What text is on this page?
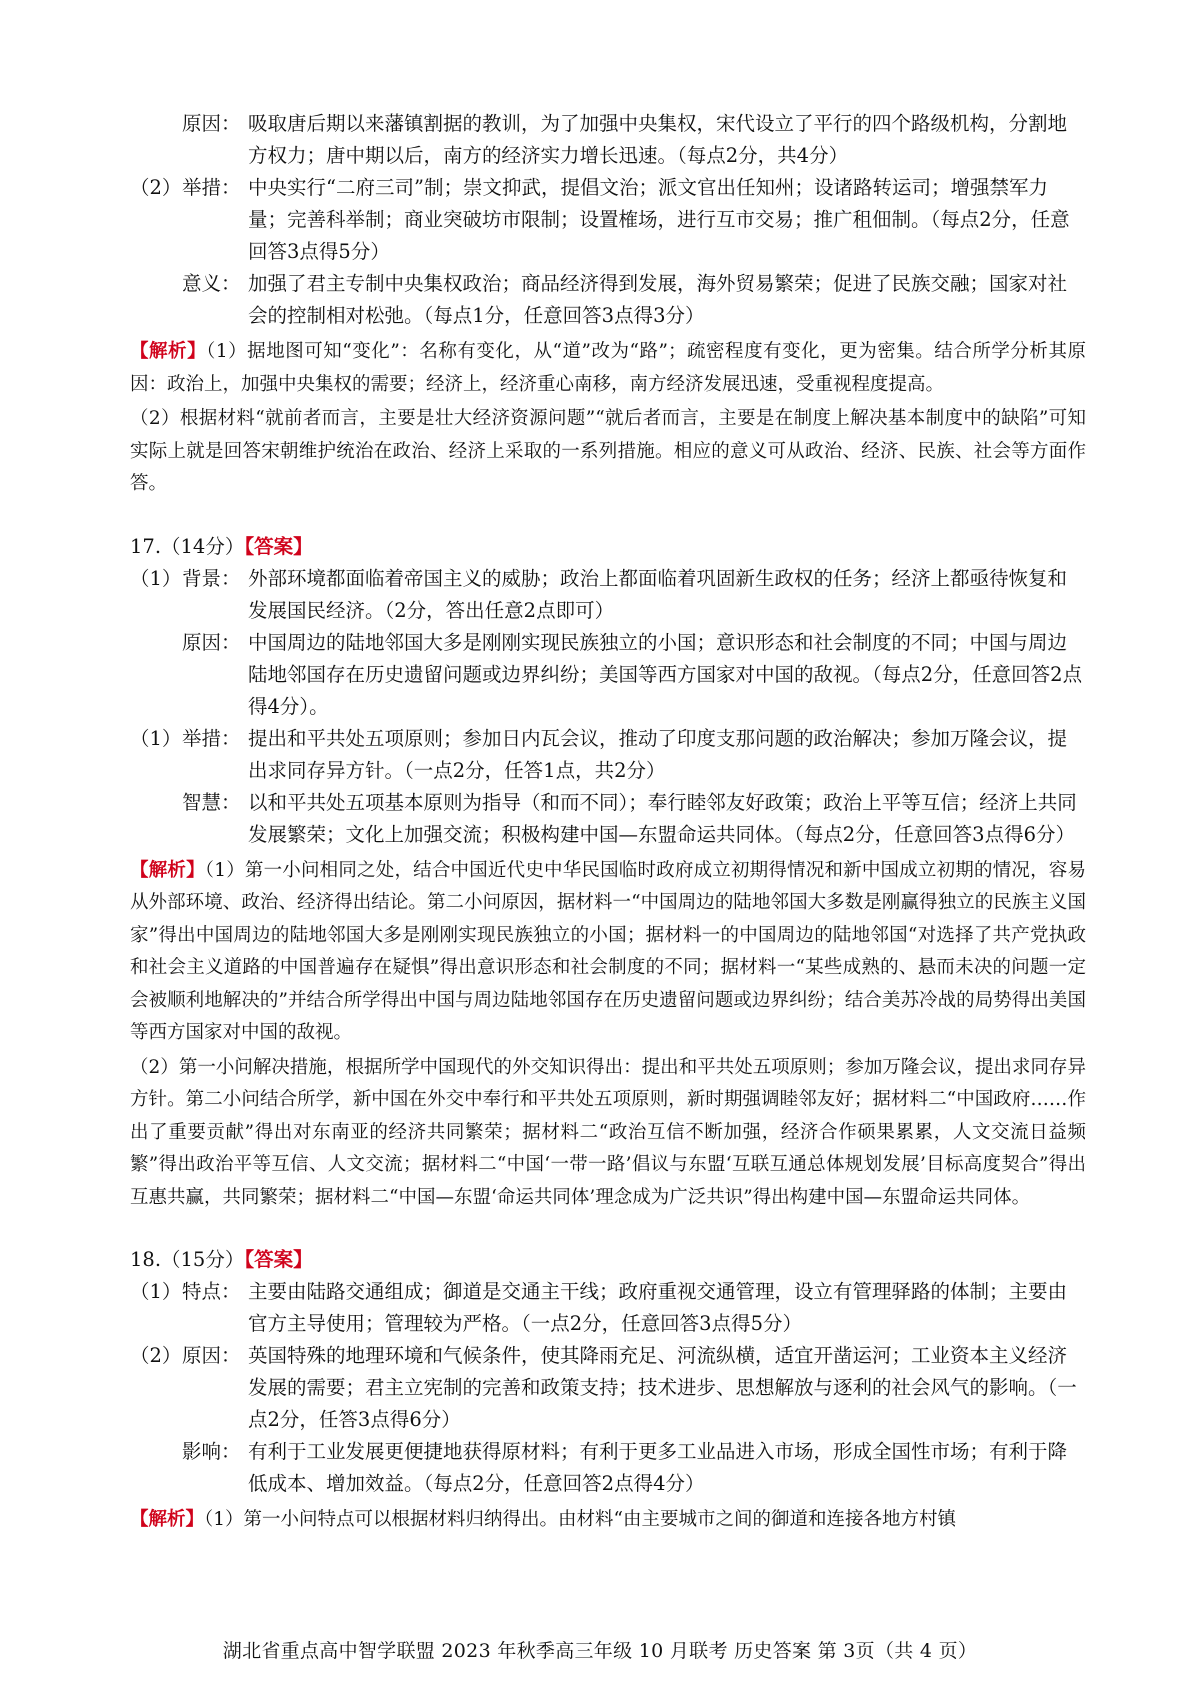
原因： 吸取唐后期以来藩镇割据的教训，为了加强中央集权，宋代设立了平行的四个路级机构，分割地方权力；唐中期以后，南方的经济实力增长迅速。（每点2分，共4分）
（2） 举措： 中央实行“二府三司”制；崇文抑武，提倡文治；派文官出任知州；设诸路转运司；增强禁军力量；完善科举制；商业突破坊市限制；设置榷场，进行互市交易；推广租佃制。（每点2分，任意回答3点得5分）
意义： 加强了君主专制中央集权政治；商品经济得到发展，海外贸易繁荣；促进了民族交融；国家对社会的控制相对松弛。（每点1分，任意回答3点得3分）
【解析】（1）据地图可知“变化”：名称有变化，从“道”改为“路”；疏密程度有变化，更为密集。结合所学分析其原因：政治上，加强中央集权的需要；经济上，经济重心南移，南方经济发展迅速，受重视程度提高。
（2）根据材料“就前者而言，主要是壮大经济资源问题”“就后者而言，主要是在制度上解决基本制度中的缺陷”可知实际上就是回答宋朝维护统治在政治、经济上采取的一系列措施。相应的意义可从政治、经济、民族、社会等方面作答。
17.（14分）【答案】
（1） 背景： 外部环境都面临着帝国主义的威胁；政治上都面临着巩固新生政权的任务；经济上都亟待恢复和发展国民经济。（2分，答出任意2点即可）
原因： 中国周边的陆地邻国大多是刚刚实现民族独立的小国；意识形态和社会制度的不同；中国与周边陆地邻国存在历史遗留问题或边界纠纷；美国等西方国家对中国的敌视。（每点2分，任意回答2点得4分）。
（1） 举措： 提出和平共处五项原则；参加日内瓦会议，推动了印度支那问题的政治解决；参加万隆会议，提出求同存异方针。（一点2分，任答1点，共2分）
智慧： 以和平共处五项基本原则为指导（和而不同）；奉行睦邻友好政策；政治上平等互信；经济上共同发展繁荣；文化上加强交流；积极构建中国—东盟命运共同体。（每点2分，任意回答3点得6分）
【解析】（1）第一小问相同之处，结合中国近代史中华民国临时政府成立初期得情况和新中国成立初期的情况，容易从外部环境、政治、经济得出结论。第二小问原因，据材料一“中国周边的陆地邻国大多数是刚赢得独立的民族主义国家”得出中国周边的陆地邻国大多是刚刚实现民族独立的小国；据材料一的中国周边的陆地邻国“对选择了共产党执政和社会主义道路的中国普遍存在疑惧”得出意识形态和社会制度的不同；据材料一“某些成熟的、悬而未决的问题一定会被顺利地解决的”并结合所学得出中国与周边陆地邻国存在历史遗留问题或边界纠纷；结合美苏冷战的局势得出美国等西方国家对中国的敌视。
（2）第一小问解决措施，根据所学中国现代的外交知识得出：提出和平共处五项原则；参加万隆会议，提出求同存异方针。第二小问结合所学，新中国在外交中奉行和平共处五项原则，新时期强调睦邻友好；据材料二“中国政府……作出了重要贡献”得出对东南亚的经济共同繁荣；据材料二“政治互信不断加强，经济合作硕果累累，人文交流日益频繁”得出政治平等互信、人文交流；据材料二“中国‘一带一路’倡议与东盟‘互联互通总体规划发展’目标高度契合”得出互惠共赢，共同繁荣；据材料二“中国—东盟‘命运共同体’理念成为广泛共识”得出构建中国—东盟命运共同体。
18.（15分）【答案】
（1） 特点： 主要由陆路交通组成；御道是交通主干线；政府重视交通管理，设立有管理驿路的体制；主要由官方主导使用；管理较为严格。（一点2分，任意回答3点得5分）
（2） 原因： 英国特殊的地理环境和气候条件，使其降雨充足、河流纵横，适宜开凿运河；工业资本主义经济发展的需要；君主立宪制的完善和政策支持；技术进步、思想解放与逐利的社会风气的影响。（一点2分，任答3点得6分）
影响： 有利于工业发展更便捷地获得原材料；有利于更多工业品进入市场，形成全国性市场；有利于降低成本、增加效益。（每点2分，任意回答2点得4分）
【解析】（1）第一小问特点可以根据材料归纳得出。由材料“由主要城市之间的御道和连接各地方村镇
湖北省重点高中智学联盟 2023 年秋季高三年级 10 月联考 历史答案 第 3页（共 4 页）
